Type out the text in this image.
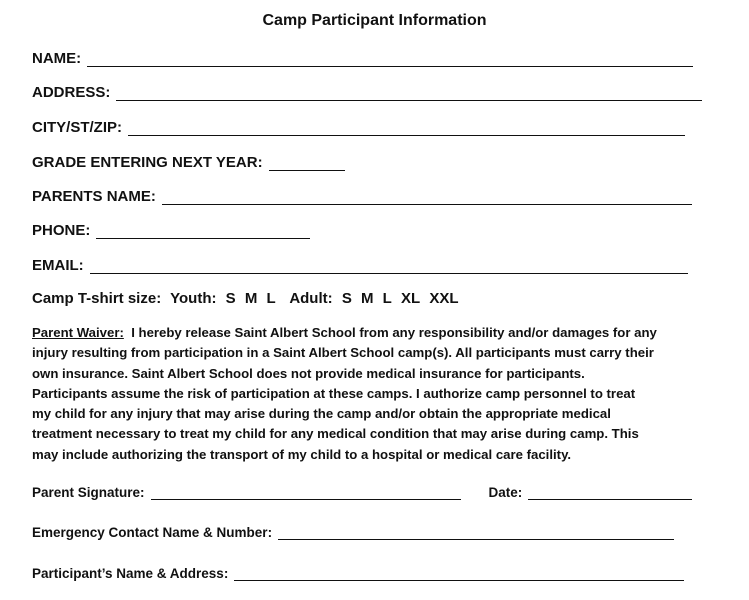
Camp Participant Information
NAME:
ADDRESS:
CITY/ST/ZIP:
GRADE ENTERING NEXT YEAR:
PARENTS NAME:
PHONE:
EMAIL:
Camp T-shirt size: Youth: S M L Adult: S M L XL XXL
Parent Waiver: I hereby release Saint Albert School from any responsibility and/or damages for any
injury resulting from participation in a Saint Albert School camp(s). All participants must carry their
own insurance. Saint Albert School does not provide medical insurance for participants.
Participants assume the risk of participation at these camps. I authorize camp personnel to treat
my child for any injury that may arise during the camp and/or obtain the appropriate medical
treatment necessary to treat my child for any medical condition that may arise during camp. This
may include authorizing the transport of my child to a hospital or medical care facility.
Parent Signature:	Date:
Emergency Contact Name & Number:
Participant’s Name & Address:
